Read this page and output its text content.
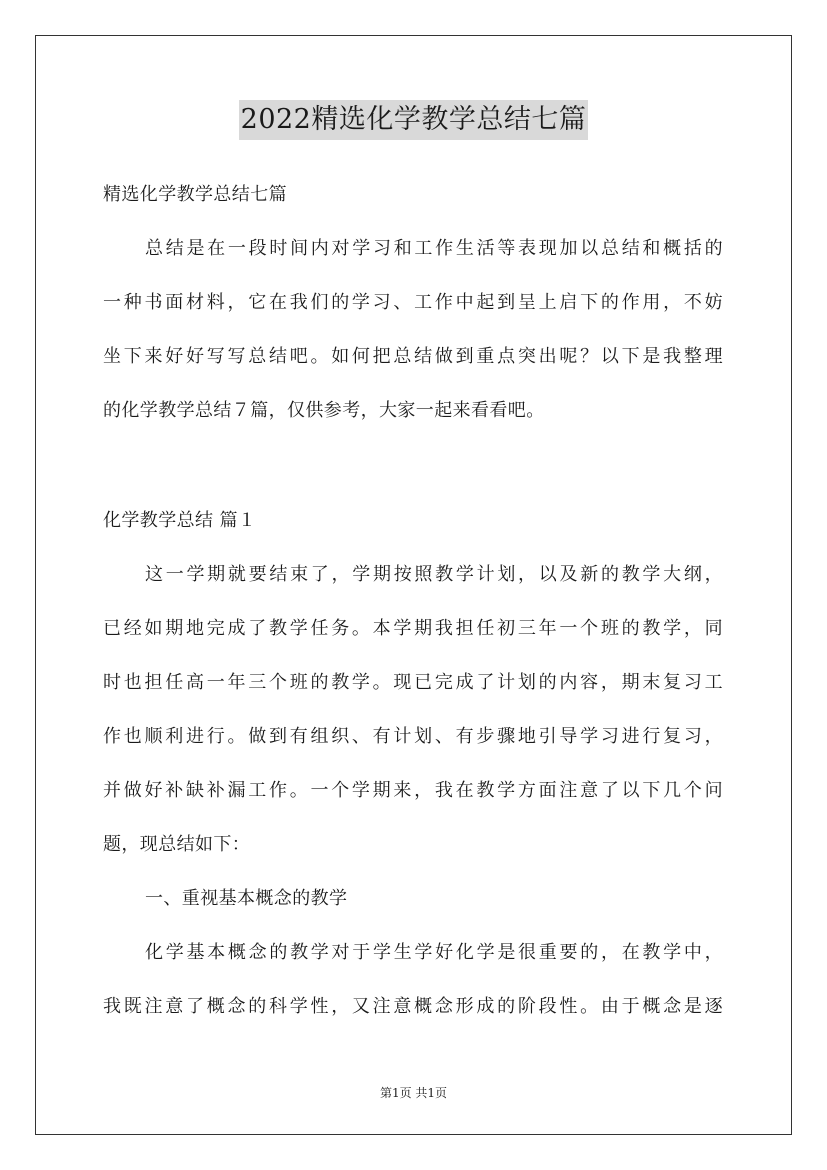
2022精选化学教学总结七篇
精选化学教学总结七篇
总结是在一段时间内对学习和工作生活等表现加以总结和概括的
一种书面材料，它在我们的学习、工作中起到呈上启下的作用，不妨
坐下来好好写写总结吧。如何把总结做到重点突出呢？以下是我整理
的化学教学总结７篇，仅供参考，大家一起来看看吧。
化学教学总结 篇１
这一学期就要结束了，学期按照教学计划，以及新的教学大纲，
已经如期地完成了教学任务。本学期我担任初三年一个班的教学，同
时也担任高一年三个班的教学。现已完成了计划的内容，期末复习工
作也顺利进行。做到有组织、有计划、有步骤地引导学习进行复习，
并做好补缺补漏工作。一个学期来，我在教学方面注意了以下几个问
题，现总结如下：
一、重视基本概念的教学
化学基本概念的教学对于学生学好化学是很重要的，在教学中，
我既注意了概念的科学性，又注意概念形成的阶段性。由于概念是逐
第1页 共1页
